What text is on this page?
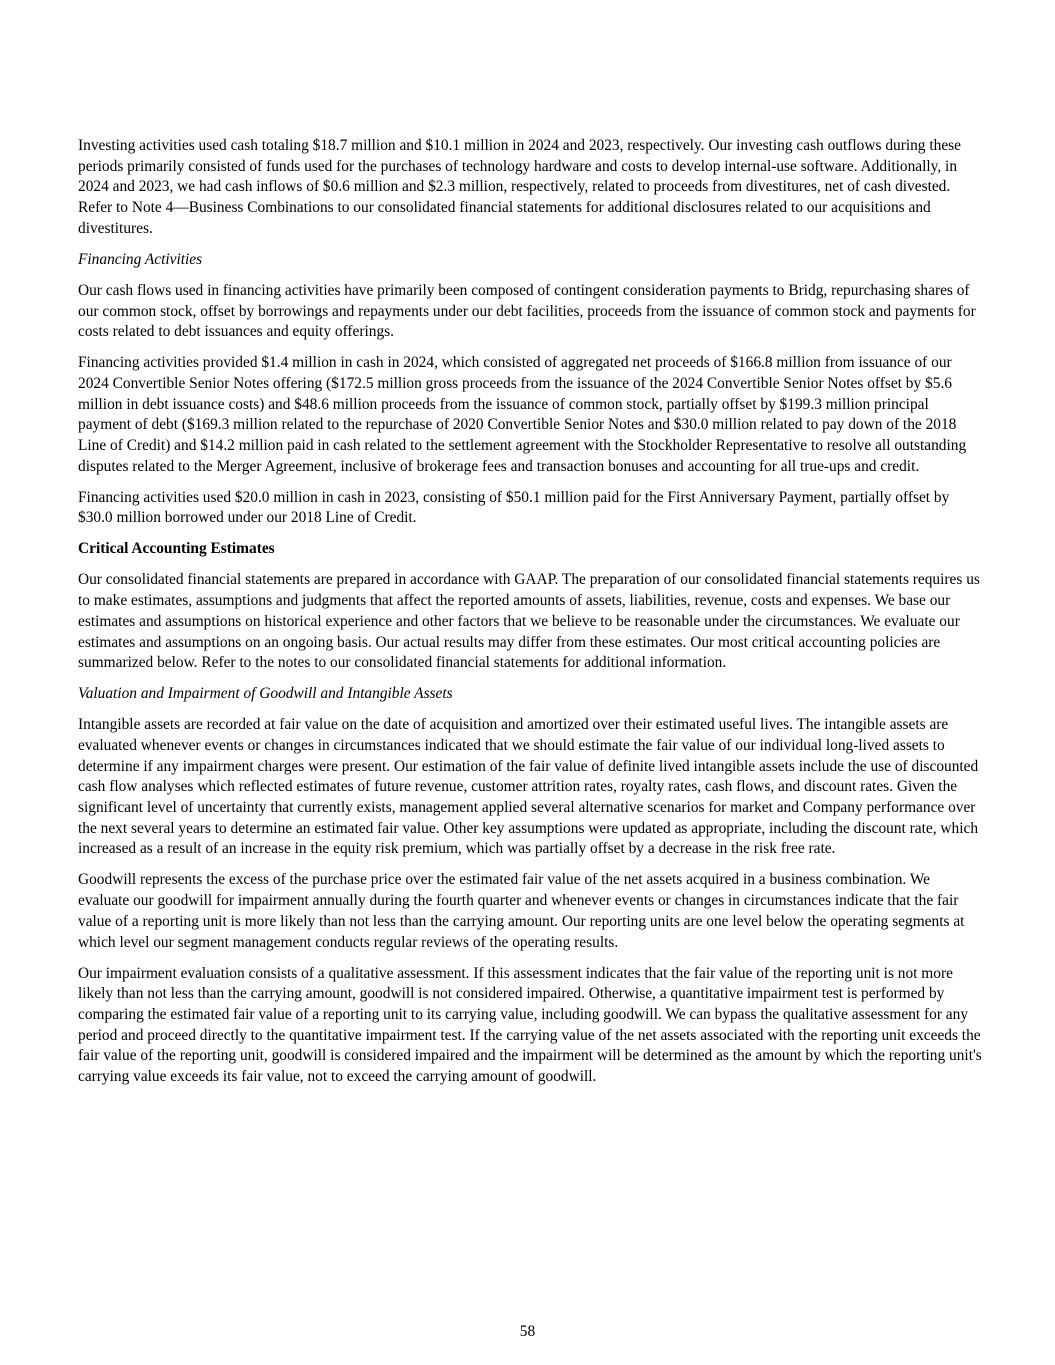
Investing activities used cash totaling $18.7 million and $10.1 million in 2024 and 2023, respectively. Our investing cash outflows during these periods primarily consisted of funds used for the purchases of technology hardware and costs to develop internal-use software. Additionally, in 2024 and 2023, we had cash inflows of $0.6 million and $2.3 million, respectively, related to proceeds from divestitures, net of cash divested. Refer to Note 4—Business Combinations to our consolidated financial statements for additional disclosures related to our acquisitions and divestitures.

Financing Activities

Our cash flows used in financing activities have primarily been composed of contingent consideration payments to Bridg, repurchasing shares of our common stock, offset by borrowings and repayments under our debt facilities, proceeds from the issuance of common stock and payments for costs related to debt issuances and equity offerings.

Financing activities provided $1.4 million in cash in 2024, which consisted of aggregated net proceeds of $166.8 million from issuance of our 2024 Convertible Senior Notes offering ($172.5 million gross proceeds from the issuance of the 2024 Convertible Senior Notes offset by $5.6 million in debt issuance costs) and $48.6 million proceeds from the issuance of common stock, partially offset by $199.3 million principal payment of debt ($169.3 million related to the repurchase of 2020 Convertible Senior Notes and $30.0 million related to pay down of the 2018 Line of Credit) and $14.2 million paid in cash related to the settlement agreement with the Stockholder Representative to resolve all outstanding disputes related to the Merger Agreement, inclusive of brokerage fees and transaction bonuses and accounting for all true-ups and credit.

Financing activities used $20.0 million in cash in 2023, consisting of $50.1 million paid for the First Anniversary Payment, partially offset by $30.0 million borrowed under our 2018 Line of Credit.

Critical Accounting Estimates

Our consolidated financial statements are prepared in accordance with GAAP. The preparation of our consolidated financial statements requires us to make estimates, assumptions and judgments that affect the reported amounts of assets, liabilities, revenue, costs and expenses. We base our estimates and assumptions on historical experience and other factors that we believe to be reasonable under the circumstances. We evaluate our estimates and assumptions on an ongoing basis. Our actual results may differ from these estimates. Our most critical accounting policies are summarized below. Refer to the notes to our consolidated financial statements for additional information.

Valuation and Impairment of Goodwill and Intangible Assets

Intangible assets are recorded at fair value on the date of acquisition and amortized over their estimated useful lives. The intangible assets are evaluated whenever events or changes in circumstances indicated that we should estimate the fair value of our individual long-lived assets to determine if any impairment charges were present. Our estimation of the fair value of definite lived intangible assets include the use of discounted cash flow analyses which reflected estimates of future revenue, customer attrition rates, royalty rates, cash flows, and discount rates. Given the significant level of uncertainty that currently exists, management applied several alternative scenarios for market and Company performance over the next several years to determine an estimated fair value. Other key assumptions were updated as appropriate, including the discount rate, which increased as a result of an increase in the equity risk premium, which was partially offset by a decrease in the risk free rate.

Goodwill represents the excess of the purchase price over the estimated fair value of the net assets acquired in a business combination. We evaluate our goodwill for impairment annually during the fourth quarter and whenever events or changes in circumstances indicate that the fair value of a reporting unit is more likely than not less than the carrying amount. Our reporting units are one level below the operating segments at which level our segment management conducts regular reviews of the operating results.

Our impairment evaluation consists of a qualitative assessment. If this assessment indicates that the fair value of the reporting unit is not more likely than not less than the carrying amount, goodwill is not considered impaired. Otherwise, a quantitative impairment test is performed by comparing the estimated fair value of a reporting unit to its carrying value, including goodwill. We can bypass the qualitative assessment for any period and proceed directly to the quantitative impairment test. If the carrying value of the net assets associated with the reporting unit exceeds the fair value of the reporting unit, goodwill is considered impaired and the impairment will be determined as the amount by which the reporting unit's carrying value exceeds its fair value, not to exceed the carrying amount of goodwill.

58
